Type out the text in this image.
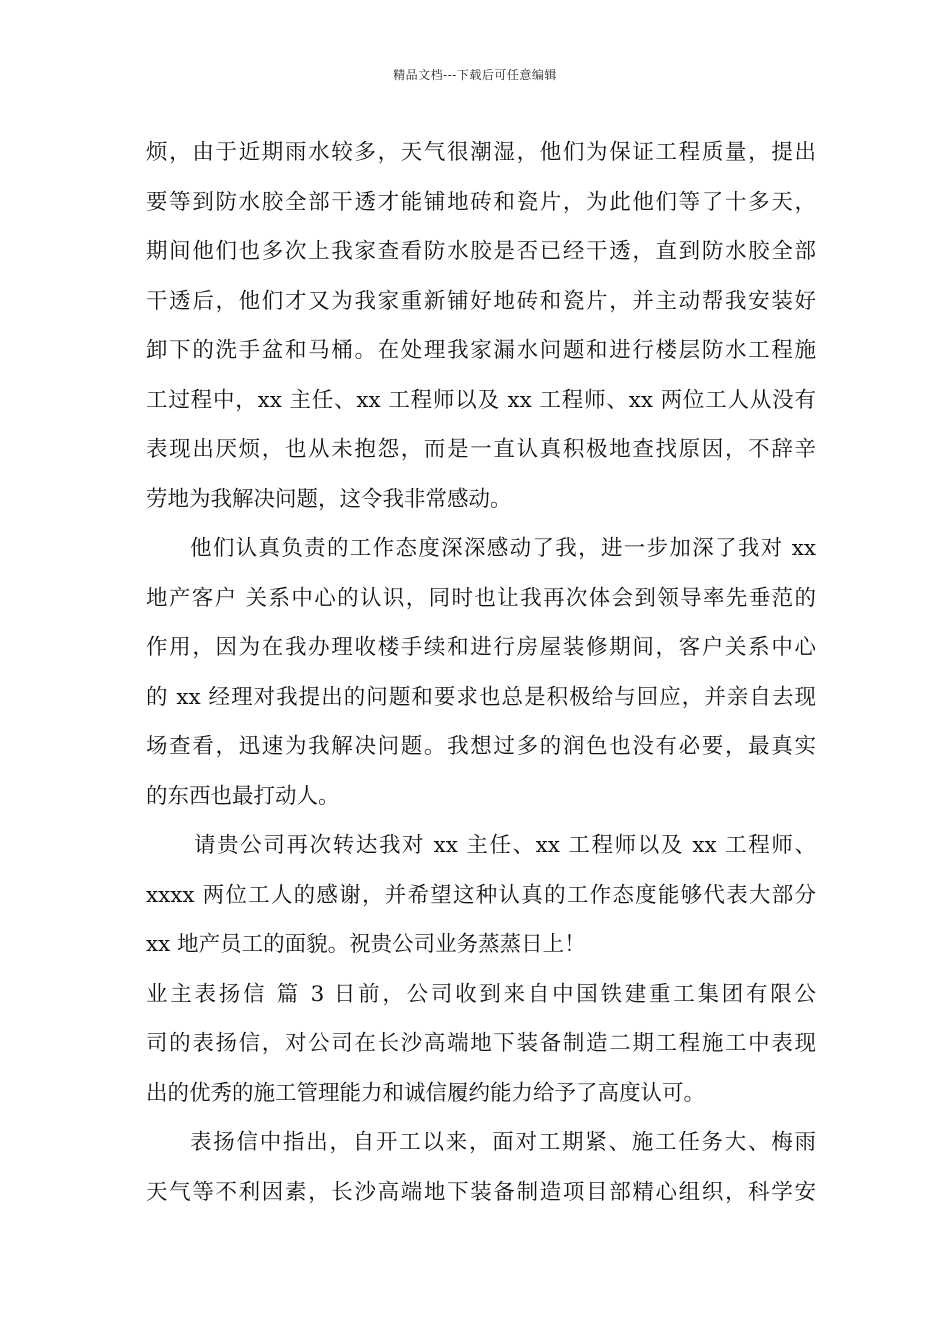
精品文档---下载后可任意编辑
烦，由于近期雨水较多，天气很潮湿，他们为保证工程质量，提出
要等到防水胶全部干透才能铺地砖和瓷片，为此他们等了十多天，
期间他们也多次上我家查看防水胶是否已经干透，直到防水胶全部
干透后，他们才又为我家重新铺好地砖和瓷片，并主动帮我安装好
卸下的洗手盆和马桶。在处理我家漏水问题和进行楼层防水工程施
工过程中，xx 主任、xx 工程师以及 xx 工程师、xx 两位工人从没有
表现出厌烦，也从未抱怨，而是一直认真积极地查找原因，不辞辛
劳地为我解决问题，这令我非常感动。
他们认真负责的工作态度深深感动了我，进一步加深了我对 xx
地产客户 关系中心的认识，同时也让我再次体会到领导率先垂范的
作用，因为在我办理收楼手续和进行房屋装修期间，客户关系中心
的 xx 经理对我提出的问题和要求也总是积极给与回应，并亲自去现
场查看，迅速为我解决问题。我想过多的润色也没有必要，最真实
的东西也最打动人。
请贵公司再次转达我对 xx 主任、xx 工程师以及 xx 工程师、
xxxx 两位工人的感谢，并希望这种认真的工作态度能够代表大部分
xx 地产员工的面貌。祝贵公司业务蒸蒸日上！
业主表扬信 篇 3 日前，公司收到来自中国铁建重工集团有限公
司的表扬信，对公司在长沙高端地下装备制造二期工程施工中表现
出的优秀的施工管理能力和诚信履约能力给予了高度认可。
表扬信中指出，自开工以来，面对工期紧、施工任务大、梅雨
天气等不利因素，长沙高端地下装备制造项目部精心组织，科学安
